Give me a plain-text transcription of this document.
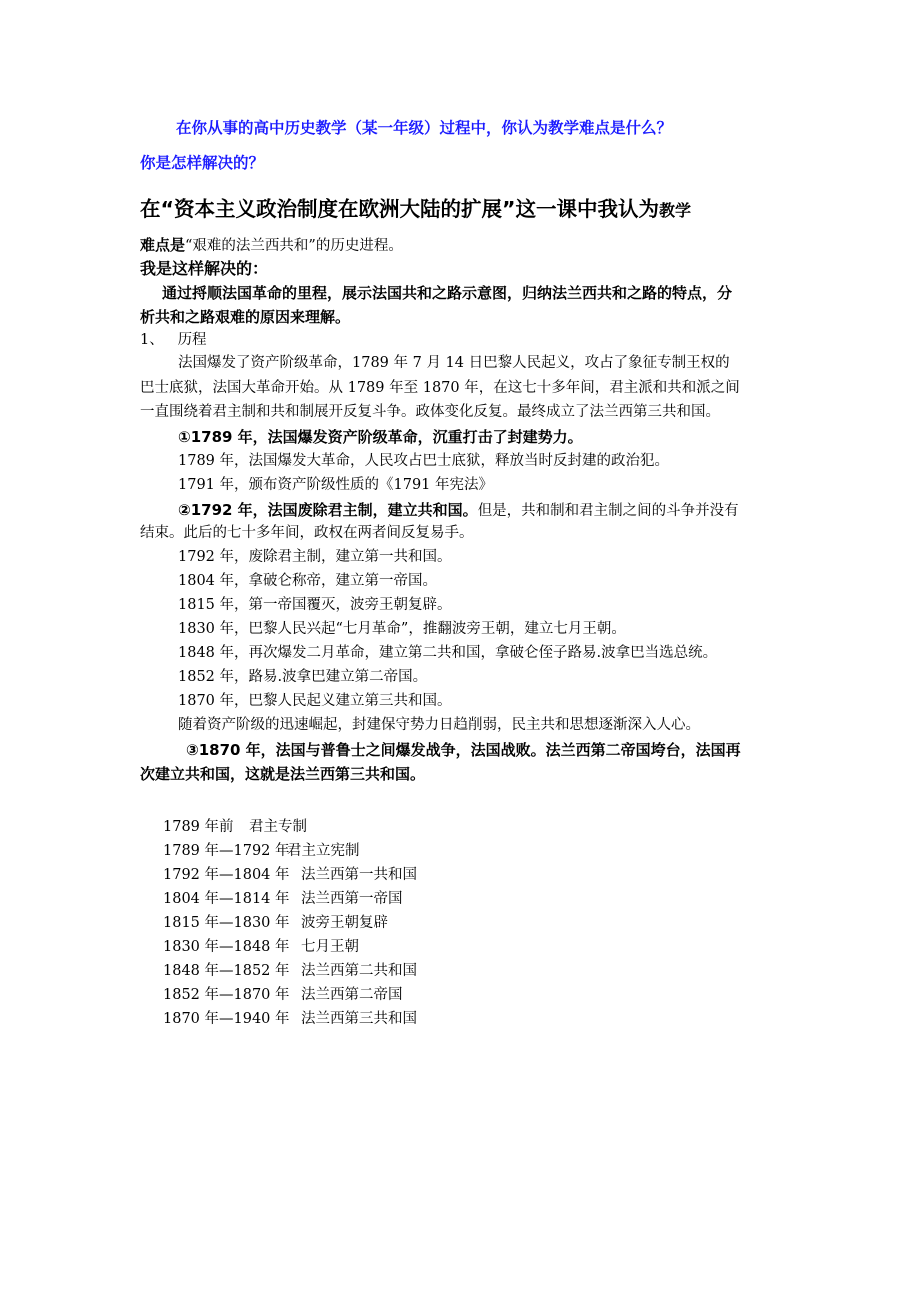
在你从事的高中历史教学（某一年级）过程中，你认为教学难点是什么？
你是怎样解决的？
在“资本主义政治制度在欧洲大陆的扩展”这一课中我认为教学
难点是“艰难的法兰西共和”的历史进程。
我是这样解决的：
通过捋顺法国革命的里程，展示法国共和之路示意图，归纳法兰西共和之路的特点，分
析共和之路艰难的原因来理解。
1、 历程
法国爆发了资产阶级革命，1789 年 7 月 14 日巴黎人民起义，攻占了象征专制王权的
巴士底狱，法国大革命开始。从 1789 年至 1870 年，在这七十多年间，君主派和共和派之间
一直围绕着君主制和共和制展开反复斗争。政体变化反复。最终成立了法兰西第三共和国。
①1789 年，法国爆发资产阶级革命，沉重打击了封建势力。
1789 年，法国爆发大革命，人民攻占巴士底狱，释放当时反封建的政治犯。
1791 年，颁布资产阶级性质的《1791 年宪法》
②1792 年，法国废除君主制，建立共和国。但是，共和制和君主制之间的斗争并没有
结束。此后的七十多年间，政权在两者间反复易手。
1792 年，废除君主制，建立第一共和国。
1804 年，拿破仑称帝，建立第一帝国。
1815 年，第一帝国覆灭，波旁王朝复辟。
1830 年，巴黎人民兴起“七月革命”，推翻波旁王朝，建立七月王朝。
1848 年，再次爆发二月革命，建立第二共和国，拿破仑侄子路易.波拿巴当选总统。
1852 年，路易.波拿巴建立第二帝国。
1870 年，巴黎人民起义建立第三共和国。
随着资产阶级的迅速崛起，封建保守势力日趋削弱，民主共和思想逐渐深入人心。
③1870 年，法国与普鲁士之间爆发战争，法国战败。法兰西第二帝国垮台，法国再
次建立共和国，这就是法兰西第三共和国。
1789 年前 君主专制
1789 年—1792 年君主立宪制
1792 年—1804 年 法兰西第一共和国
1804 年—1814 年 法兰西第一帝国
1815 年—1830 年 波旁王朝复辟
1830 年—1848 年 七月王朝
1848 年—1852 年 法兰西第二共和国
1852 年—1870 年 法兰西第二帝国
1870 年—1940 年 法兰西第三共和国
